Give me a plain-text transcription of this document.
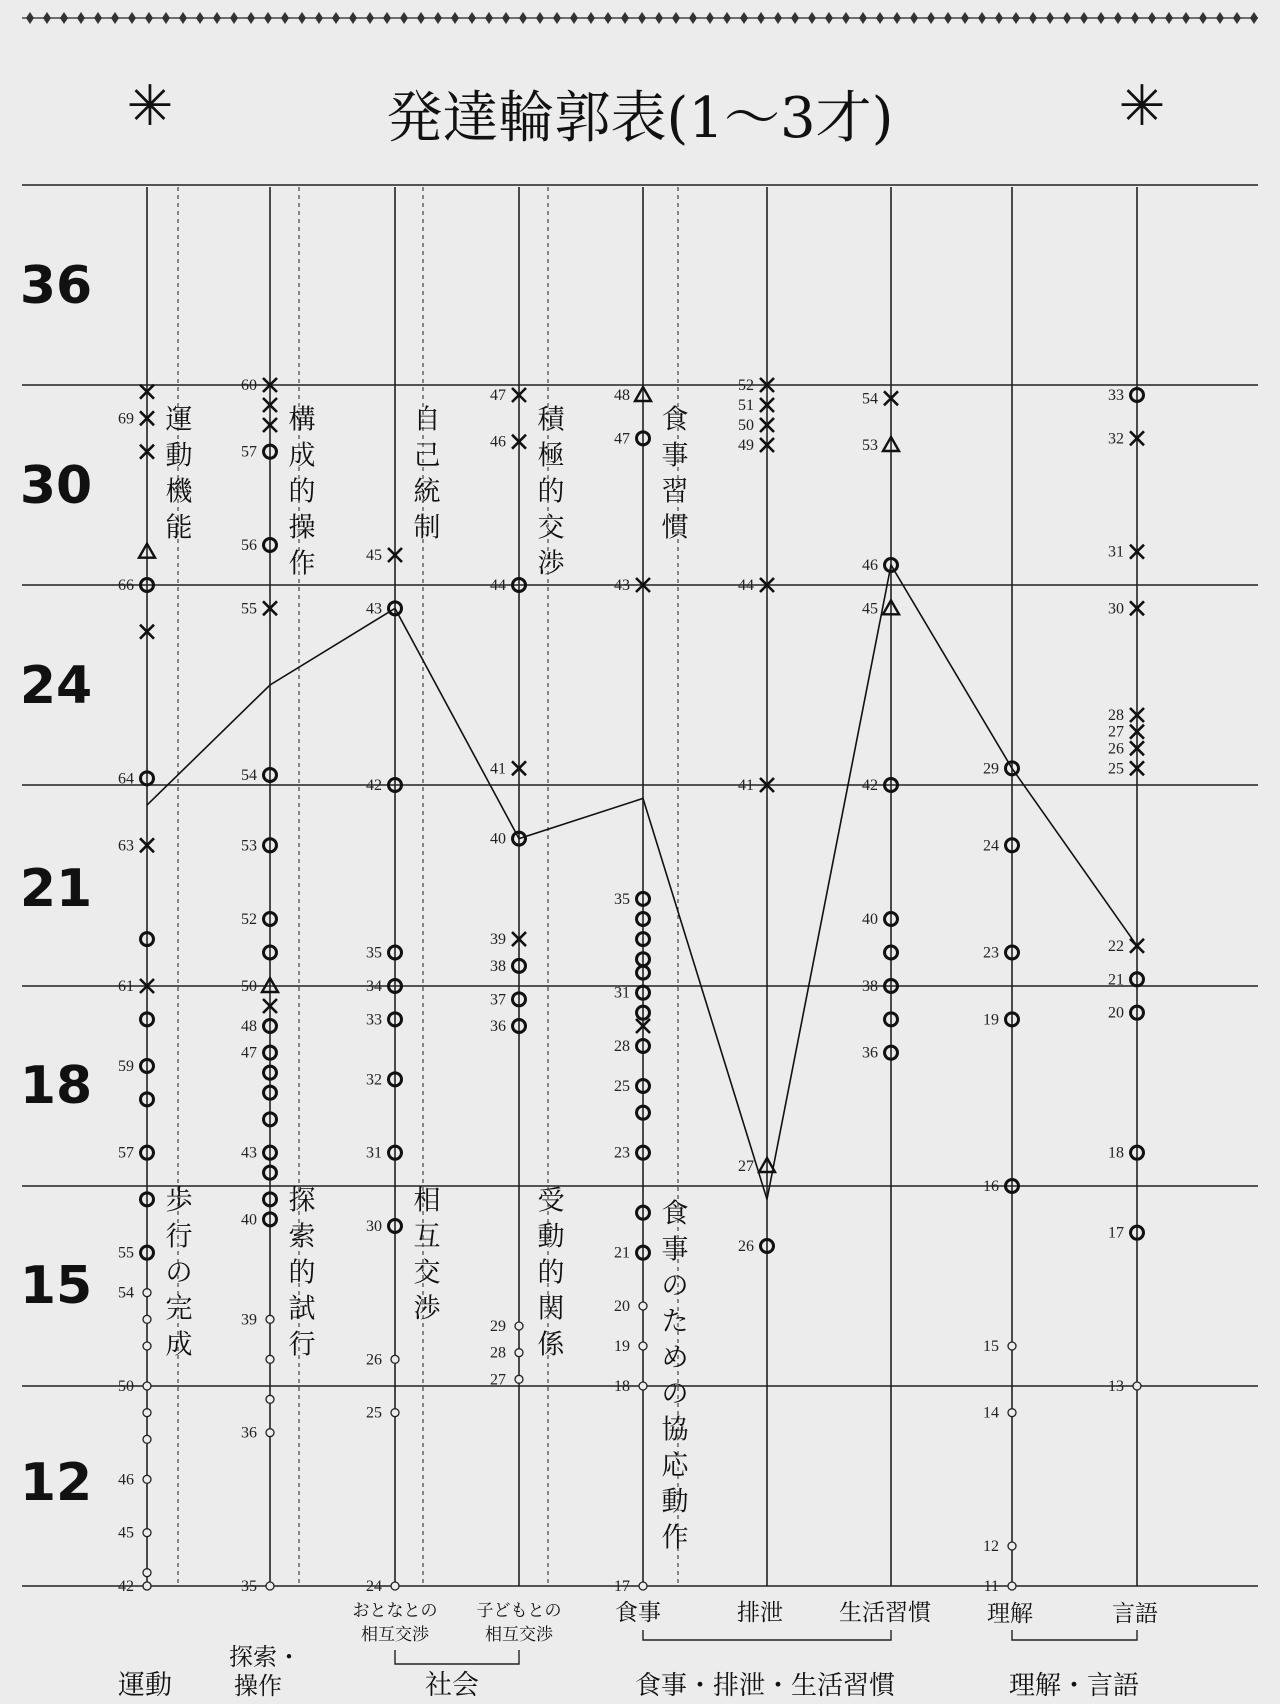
発達輪郭表(1～3才)
✳	✳
12
15
18
21
24
30
36
運
動
機
能
歩
行
の
完
成
構
成
的
操
作
探
索
的
試
行
自
己
統
制
相
互
交
渉
積
極
的
交
渉
受
動
的
関
係
食
事
習
慣
食
事
の
た
め
の
協
応
動
作
69
66
64
63
61
59
57
55
54
50
46
45
42
60
57
56
55
54
53
52
50
48
47
43
40
39
36
35
45
43
42
35
34
33
32
31
30
26
25
24
47
46
44
41
40
39
38
37
36
29
28
27
48
47
43
35
31
28
25
23
21
20
19
18
17
52
51
50
49
44
41
27
26
54
53
46
45
42
40
38
36
29
24
23
19
16
15
14
12
11
33
32
31
30
28
27
26
25
22
21
20
18
17
13
おとなとの
相互交渉
子どもとの
相互交渉
食事	排泄 生活習慣 理解	言語
運動
探索・
操作	社会	食事・排泄・生活習慣	理解・言語
